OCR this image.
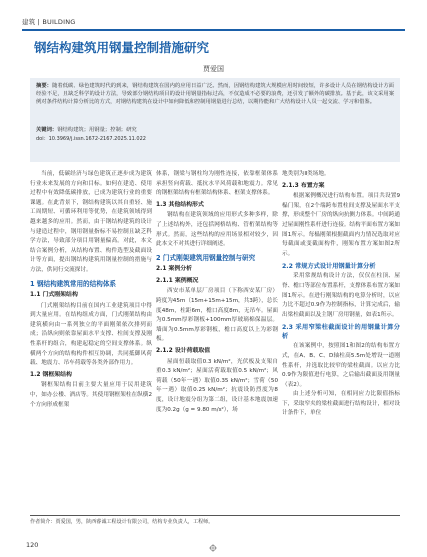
建筑 | BUILDING
钢结构建筑用钢量控制措施研究
贾爱国
摘要：随着低碳、绿色建筑时代的到来，钢结构建筑在国内的应用日益广泛。然而，因钢结构建筑大规模应用时间较短，许多设计人员在钢结构设计方面经验不足，且缺乏科学的设计方法，导致部分钢结构项目的设计用钢量指标过高，不仅造成不必要的浪费，还引发了额外的碳排放。基于此，该文采用案例对条件结构计算分析比的方式，对钢结构建筑在设计中如何降低和控制用钢量进行总结，以期待能和广大结构设计人员一起交流、学习和借鉴。
关键词：钢结构建筑；用钢量；控制；研究
doi：10.3969/j.issn.1672-2167.2025.11.022

当前，低碳经济与绿色建筑正逐步成为建筑行业未来发展的方向和目标。如何在建造、使用过程中有效降低碳排放，已成为建筑行业的重要课题。在此背景下，钢结构建筑以其自重轻、施工周期短、可循环利用等优势，在建筑领域得到越来越多的应用。然而，由于钢结构建筑的设计与建造过程中，钢用钢量指标不易控制且缺乏科学方法，导致部分项目用钢量偏高。对此，本文结合案例分析，从结构布置、构件选型及截面设计等方面，提出钢结构建筑用钢量控制的措施与方法，供同行交流探讨。

1 钢结构建筑常用的结构体系
1.1 门式刚架结构

门式刚架结构目前在国内工业建筑项目中得到大量应用。在结构组成方面，门式刚架结构由建筑横向由一系列独立的平面刚架依次排列而成；沿纵向则依靠屋面水平支撑、柱间支撑及刚性系杆的组合，构建起稳定的空间支撑体系。纵横两个方向的结构构件相互协调，共同抵御风荷载、地震力、吊车荷载等各类外部作用力。

1.2 钢框架结构

钢框架结构目前主要大量应用于民用建筑中，如办公楼、酒店等。其使用钢框架柱在纵横2个方向形成框架

体系，钢梁与钢柱均为刚性连接，依靠框架体系承担竖向荷载、抵抗水平风荷载和地震力。常见的钢框架结构有框架结构体系、框架支撑体系。
1.3 其他结构形式

钢结构在建筑领域的应用形式多种多样，除了上述结构外，还包括网格结构、管桁架结构等形式。然而，这些结构的应用场景相对较少，因此本文不对其进行详细阐述。

2 门式刚架建筑用钢量控制与研究
2.1 案例分析
2.1.1 案例概况

西安市某单层厂房项目（下称西安某厂房）跨度为45m（15m+15m+15m，共3跨），总长度48m，柱距6m，檐口高度8m，无吊车。屋面为0.5mm厚彩钢板+100mm厚玻璃棉保温层。墙面为0.5mm厚彩钢板，檐口高度以上为彩钢板。

2.1.2 设计荷载取值

屋面恒载取值0.3 kN/m²，光伏板及支架自重0.3 kN/m²；屋面活荷载取值0.5 kN/m²；风荷载（50年一遇）取值0.35 kN/m²；雪荷（50年一遇）取值0.25 kN/m²；抗震设防烈度为8度，设计地震分组为第二组，设计基本地震加速度为0.2g（g = 9.80 m/s²），场

地类别为Ⅱ类场地。
2.1.3 布置方案

根据案例概况进行结构布置。项目共设置9榀门架，在2个端跨布置柱间支撑及屋面水平支撑，形成整个厂房的纵向抗侧力体系。中间跨通过屋面刚性系杆进行连接。结构平面布置方案如图1所示。每榀刚架根据截面内力情况选取对应每截面或变截面构件，刚架布置方案如图2所示。

2.2 常规方式设计用钢量计算分析

采用常规结构设计方法，仅仅在柱顶、屋脊、檐口等部位布置系杆，支撑体系布置方案如图1所示。在进行刚架结构的电算分析时，以应力比不超过0.9作为控制指标，计算完成后，输出梁柱截面以及主钢厂房用钢量，如表1所示。

2.3 采用窄梁柱截面设计的用钢量计算分析

在该案例中，按照图1和图2的结构布置方式，在A、B、C、D轴柱高5.5m处增设一道刚性系杆，并选取比较窄的梁柱截面。以应力比0.9作为限值进行电算，之后输出截面及用钢量（表2）。

由上述分析可知，在相同应力比限值指标下，采取窄夹的梁柱截面进行结构设计，相对设计条件下，单位

作者简介：贾爱国，男，陕西睿诚工程设计有限公司，结构专业负责人，工程师。
120
